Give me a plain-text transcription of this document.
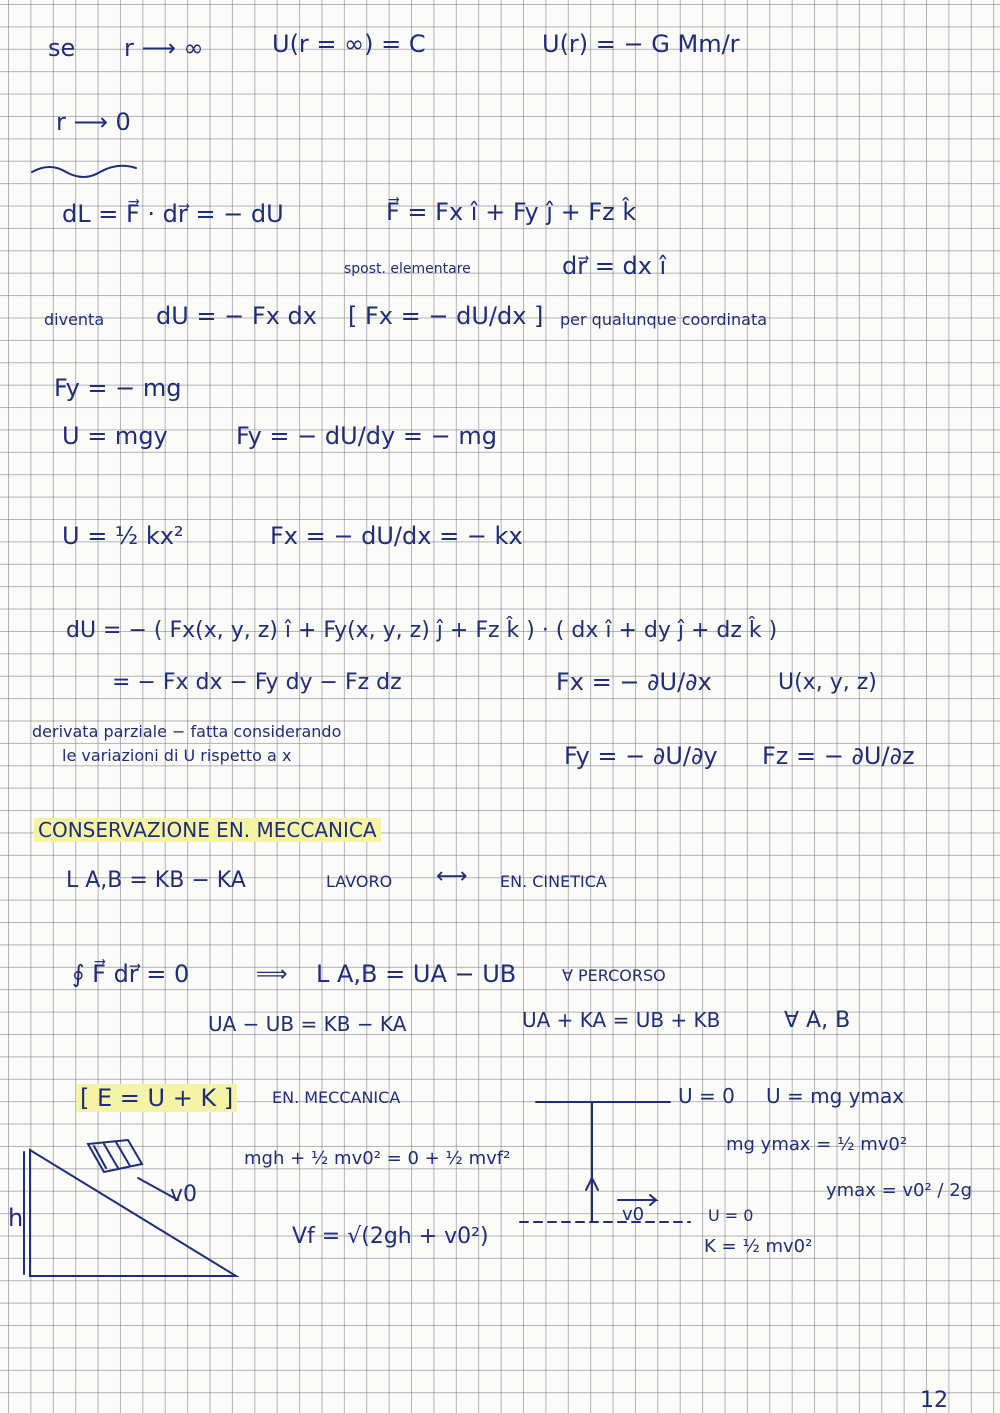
se r ⟶ ∞	U(r = ∞) = C	U(r) = − G Mm/r
r ⟶ 0
dL = F⃗ · dr⃗ = − dU	F⃗ = Fx î + Fy ĵ + Fz k̂
spost. elementare	dr⃗ = dx î
diventa dU = − Fx dx [ Fx = − dU/dx ] per qualunque coordinata
Fy = − mg
U = mgy	Fy = − dU/dy = − mg
U = ½ kx²	Fx = − dU/dx = − kx
dU = − ( Fx(x, y, z) î + Fy(x, y, z) ĵ + Fz k̂ ) · ( dx î + dy ĵ + dz k̂ )
= − Fx dx − Fy dy − Fz dz	Fx = − ∂U/∂x	U(x, y, z)
derivata parziale − fatta considerando
le variazioni di U rispetto a x	Fy = − ∂U/∂y Fz = − ∂U/∂z
CONSERVAZIONE EN. MECCANICA
L A,B = KB − KA	LAVORO ⟷ EN. CINETICA
∮ F⃗ dr⃗ = 0	⟹ L A,B = UA − UB	∀ PERCORSO
UA − UB = KB − KA	UA + KA = UB + KB	∀ A, B
[ E = U + K ] EN. MECCANICA	U = 0 U = mg ymax
mgh + ½ mv0² = 0 + ½ mvf²
mg ymax = ½ mv0²
v0	ymax = v0² / 2g
h
Vf = √(2gh + v0²)
v0	U = 0
K = ½ mv0²
12
